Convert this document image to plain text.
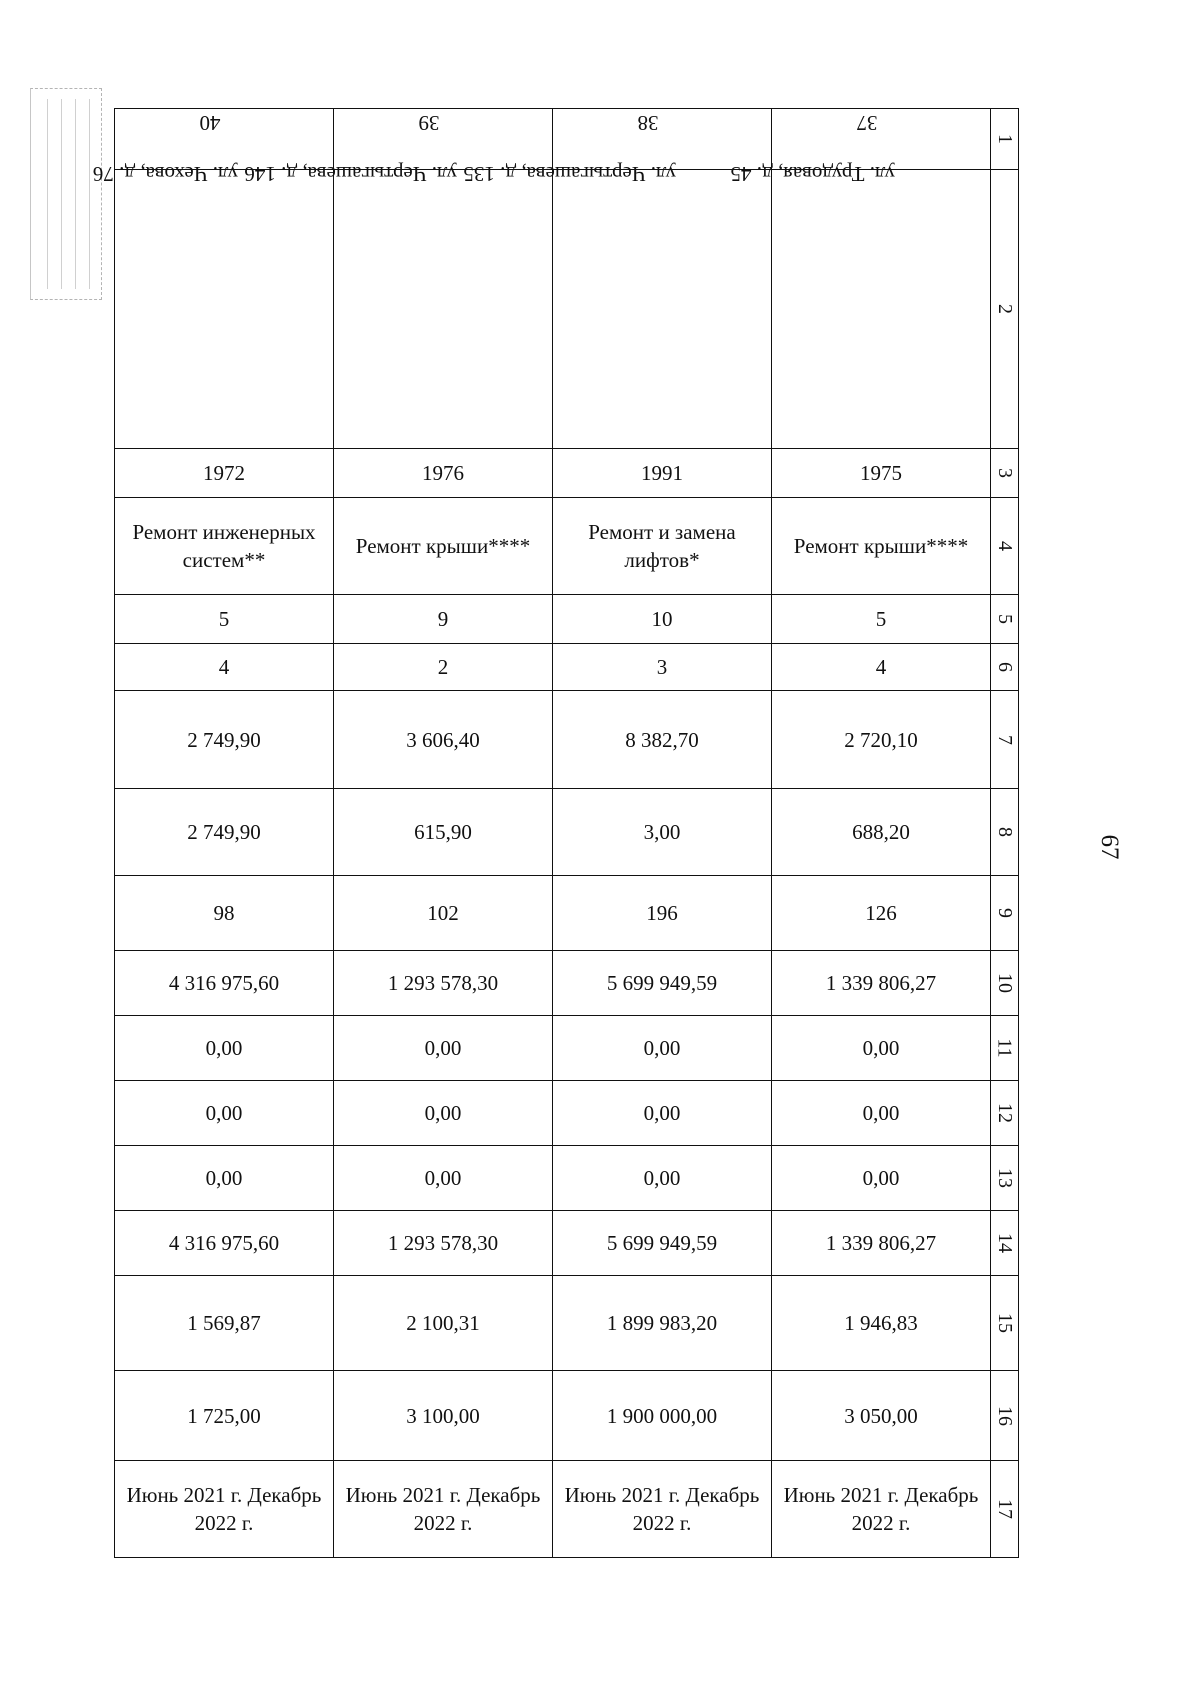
67
40	39	38	37	1

ул. Чехова, д. 76	ул. Чертыгашева, д. 146	ул. Чертыгашева, д. 135	ул. Трудовая, д. 45	2
1972	1976	1991	1975	3
Ремонт инженерных систем**	Ремонт крыши****	Ремонт и замена лифтов*	Ремонт крыши****	4
5	9	10	5	5
4	2	3	4	6
2 749,90	3 606,40	8 382,70	2 720,10	7
2 749,90	615,90	3,00	688,20	8
98	102	196	126	9
4 316 975,60	1 293 578,30	5 699 949,59	1 339 806,27	10
0,00	0,00	0,00	0,00	11
0,00	0,00	0,00	0,00	12
0,00	0,00	0,00	0,00	13
4 316 975,60	1 293 578,30	5 699 949,59	1 339 806,27	14
1 569,87	2 100,31	1 899 983,20	1 946,83	15
1 725,00	3 100,00	1 900 000,00	3 050,00	16
Июнь 2021 г. Декабрь 2022 г.	Июнь 2021 г. Декабрь 2022 г.	Июнь 2021 г. Декабрь 2022 г.	Июнь 2021 г. Декабрь 2022 г.	17
